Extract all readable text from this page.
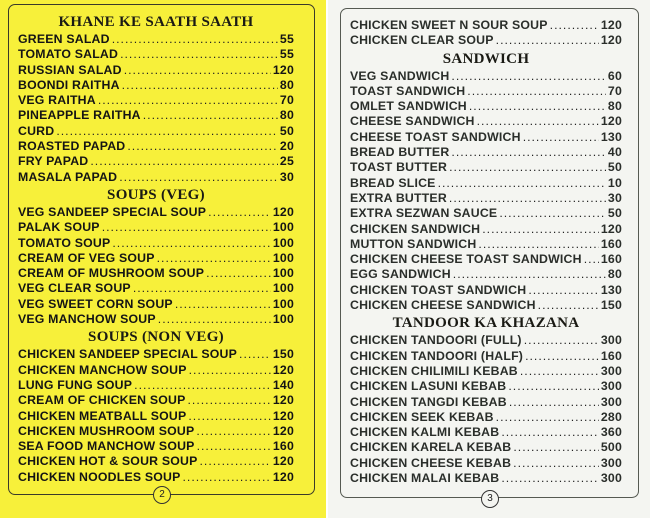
KHANE KE SAATH SAATH
GREEN SALAD .....	55
TOMATO SALAD .....	55
RUSSIAN SALAD .....	120
BOONDI RAITHA .....	80
VEG RAITHA .....	70
PINEAPPLE RAITHA .....	80
CURD .....	50
ROASTED PAPAD .....	20
FRY PAPAD .....	25
MASALA PAPAD .....	30
SOUPS (VEG)
VEG SANDEEP SPECIAL SOUP .....	120
PALAK SOUP .....	100
TOMATO SOUP .....	100
CREAM OF VEG SOUP .....	100
CREAM OF MUSHROOM SOUP .....	100
VEG CLEAR SOUP .....	100
VEG SWEET CORN SOUP .....	100
VEG MANCHOW SOUP .....	100
SOUPS (NON VEG)
CHICKEN SANDEEP SPECIAL SOUP .....	150
CHICKEN MANCHOW SOUP .....	120
LUNG FUNG SOUP .....	140
CREAM OF CHICKEN SOUP .....	120
CHICKEN MEATBALL SOUP .....	120
CHICKEN MUSHROOM SOUP .....	120
SEA FOOD MANCHOW SOUP .....	160
CHICKEN HOT & SOUR SOUP .....	120
CHICKEN NOODLES SOUP .....	120
2
CHICKEN SWEET N SOUR SOUP .....	120
CHICKEN CLEAR SOUP .....	120
SANDWICH
VEG SANDWICH .....	60
TOAST SANDWICH .....	70
OMLET SANDWICH .....	80
CHEESE SANDWICH .....	120
CHEESE TOAST SANDWICH .....	130
BREAD BUTTER .....	40
TOAST BUTTER .....	50
BREAD SLICE .....	10
EXTRA BUTTER .....	30
EXTRA SEZWAN SAUCE .....	50
CHICKEN SANDWICH .....	120
MUTTON SANDWICH .....	160
CHICKEN CHEESE TOAST SANDWICH ..... 160
EGG SANDWICH .....	80
CHICKEN TOAST SANDWICH .....	130
CHICKEN CHEESE SANDWICH .....	150
TANDOOR KA KHAZANA
CHICKEN TANDOORI (FULL) .....	300
CHICKEN TANDOORI (HALF) .....	160
CHICKEN CHILIMILI KEBAB .....	300
CHICKEN LASUNI KEBAB .....	300
CHICKEN TANGDI KEBAB .....	300
CHICKEN SEEK KEBAB .....	280
CHICKEN KALMI KEBAB .....	360
CHICKEN KARELA KEBAB .....	500
CHICKEN CHEESE KEBAB .....	300
CHICKEN MALAI KEBAB .....	300
3
